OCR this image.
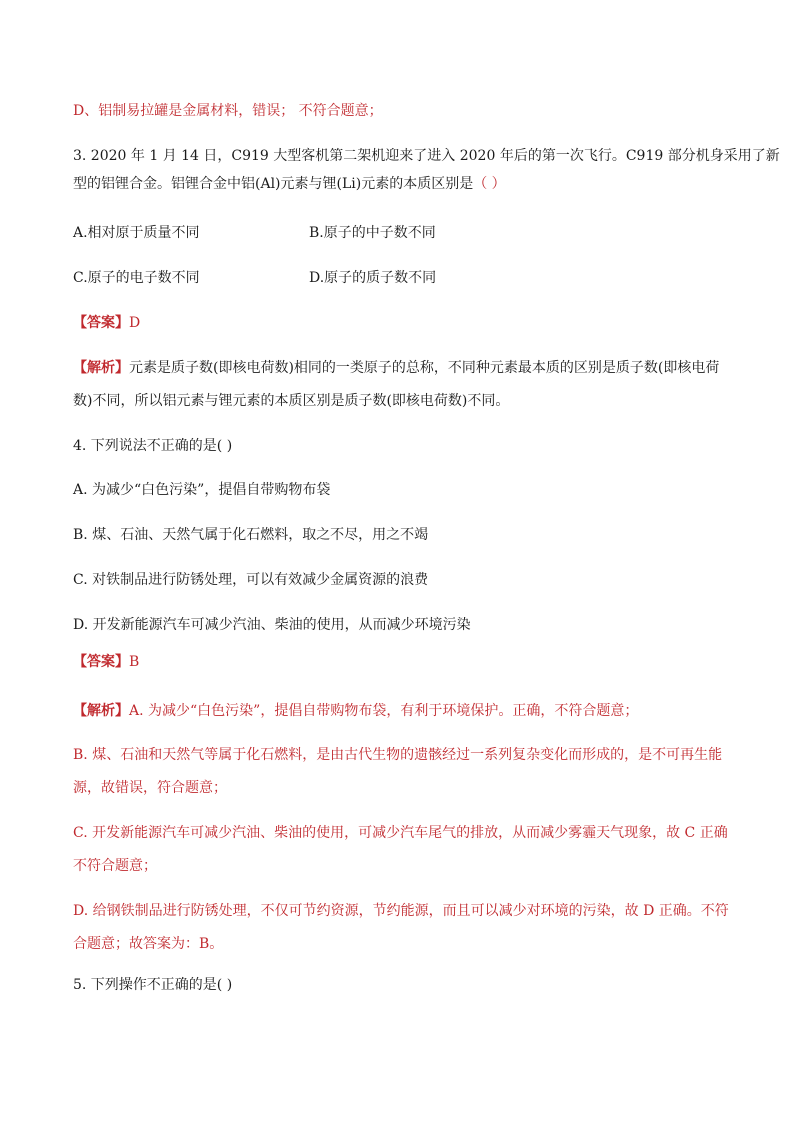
D、铝制易拉罐是金属材料，错误； 不符合题意；
3. 2020 年 1 月 14 日，C919 大型客机第二架机迎来了进入 2020 年后的第一次飞行。C919 部分机身采用了新
型的铝锂合金。铝锂合金中铝(Al)元素与锂(Li)元素的本质区别是（ ）
A.相对原于质量不同	B.原子的中子数不同
C.原子的电子数不同	D.原子的质子数不同
【答案】D
【解析】元素是质子数(即核电荷数)相同的一类原子的总称，不同种元素最本质的区别是质子数(即核电荷
数)不同，所以铝元素与锂元素的本质区别是质子数(即核电荷数)不同。
4. 下列说法不正确的是( )
A. 为减少“白色污染”，提倡自带购物布袋
B. 煤、石油、天然气属于化石燃料，取之不尽，用之不竭
C. 对铁制品进行防锈处理，可以有效减少金属资源的浪费
D. 开发新能源汽车可减少汽油、柴油的使用，从而减少环境污染
【答案】B
【解析】A. 为减少“白色污染”，提倡自带购物布袋，有利于环境保护。正确，不符合题意；
B. 煤、石油和天然气等属于化石燃料，是由古代生物的遗骸经过一系列复杂变化而形成的，是不可再生能
源，故错误，符合题意；
C. 开发新能源汽车可减少汽油、柴油的使用，可减少汽车尾气的排放，从而减少雾霾天气现象，故 C 正确
不符合题意；
D. 给钢铁制品进行防锈处理，不仅可节约资源，节约能源，而且可以减少对环境的污染，故 D 正确。不符
合题意；故答案为：B。
5. 下列操作不正确的是( )
